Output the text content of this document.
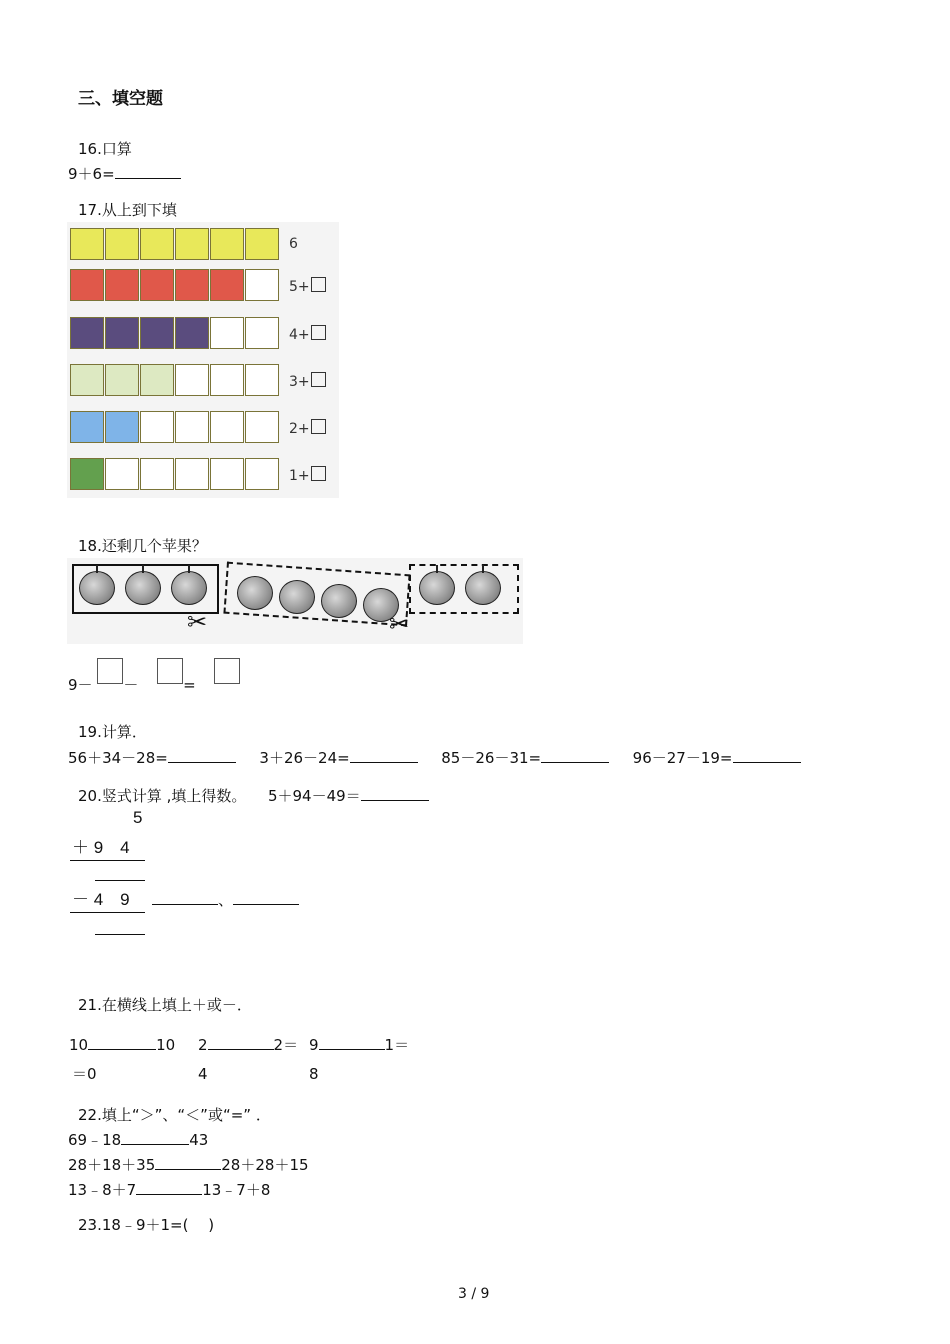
三、填空题
16.口算
9＋6=
17.从上到下填
6
5+
4+
3+
2+
1+
18.还剩几个苹果？
✂	✂
9－ －	=
19.计算．
56＋34－28=	3＋26－24=	85－26－31=	96－27－19=
20.竖式计算 ,填上得数。 5＋94－49＝
5
＋ 9　4
－ 4　9	、
21.在横线上填上＋或－．
10	10
＝0
2	2＝
4
9	1＝
8
22.填上“＞”、“＜”或“=” ．
69﹣18	43
28＋18＋35	28＋28＋15
13﹣8＋7	13﹣7＋8
23.18﹣9＋1=(　 )
3 / 9
